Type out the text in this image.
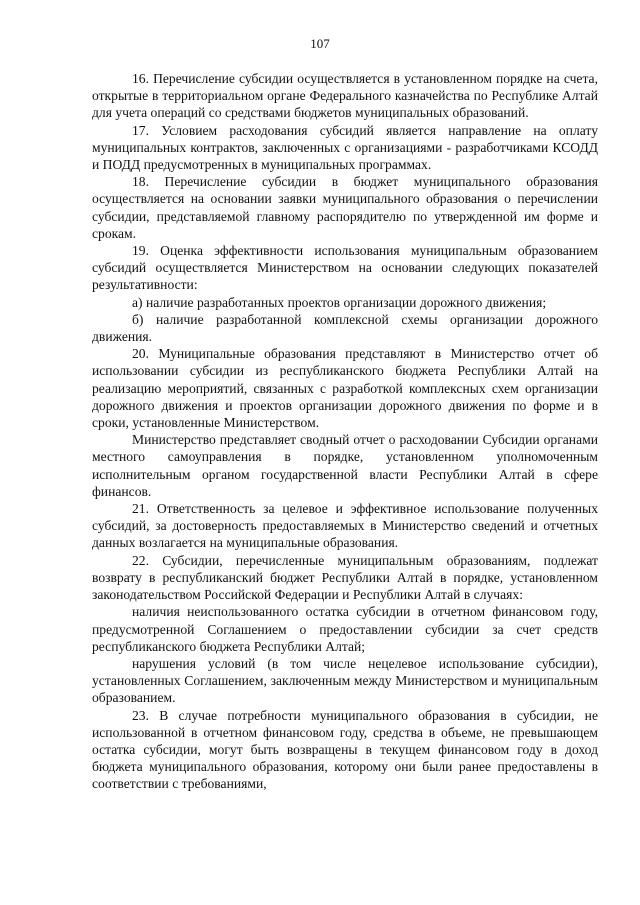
107

16. Перечисление субсидии осуществляется в установленном порядке на счета, открытые в территориальном органе Федерального казначейства по Республике Алтай для учета операций со средствами бюджетов муниципальных образований.

17. Условием расходования субсидий является направление на оплату муниципальных контрактов, заключенных с организациями - разработчиками КСОДД и ПОДД предусмотренных в муниципальных программах.

18. Перечисление субсидии в бюджет муниципального образования осуществляется на основании заявки муниципального образования о перечислении субсидии, представляемой главному распорядителю по утвержденной им форме и срокам.

19. Оценка эффективности использования муниципальным образованием субсидий осуществляется Министерством на основании следующих показателей результативности:

а) наличие разработанных проектов организации дорожного движения;

б) наличие разработанной комплексной схемы организации дорожного движения.

20. Муниципальные образования представляют в Министерство отчет об использовании субсидии из республиканского бюджета Республики Алтай на реализацию мероприятий, связанных с разработкой комплексных схем организации дорожного движения и проектов организации дорожного движения по форме и в сроки, установленные Министерством.

Министерство представляет сводный отчет о расходовании Субсидии органами местного самоуправления в порядке, установленном уполномоченным исполнительным органом государственной власти Республики Алтай в сфере финансов.

21. Ответственность за целевое и эффективное использование полученных субсидий, за достоверность предоставляемых в Министерство сведений и отчетных данных возлагается на муниципальные образования.

22. Субсидии, перечисленные муниципальным образованиям, подлежат возврату в республиканский бюджет Республики Алтай в порядке, установленном законодательством Российской Федерации и Республики Алтай в случаях:

наличия неиспользованного остатка субсидии в отчетном финансовом году, предусмотренной Соглашением о предоставлении субсидии за счет средств республиканского бюджета Республики Алтай;

нарушения условий (в том числе нецелевое использование субсидии), установленных Соглашением, заключенным между Министерством и муниципальным образованием.

23. В случае потребности муниципального образования в субсидии, не использованной в отчетном финансовом году, средства в объеме, не превышающем остатка субсидии, могут быть возвращены в текущем финансовом году в доход бюджета муниципального образования, которому они были ранее предоставлены в соответствии с требованиями,
